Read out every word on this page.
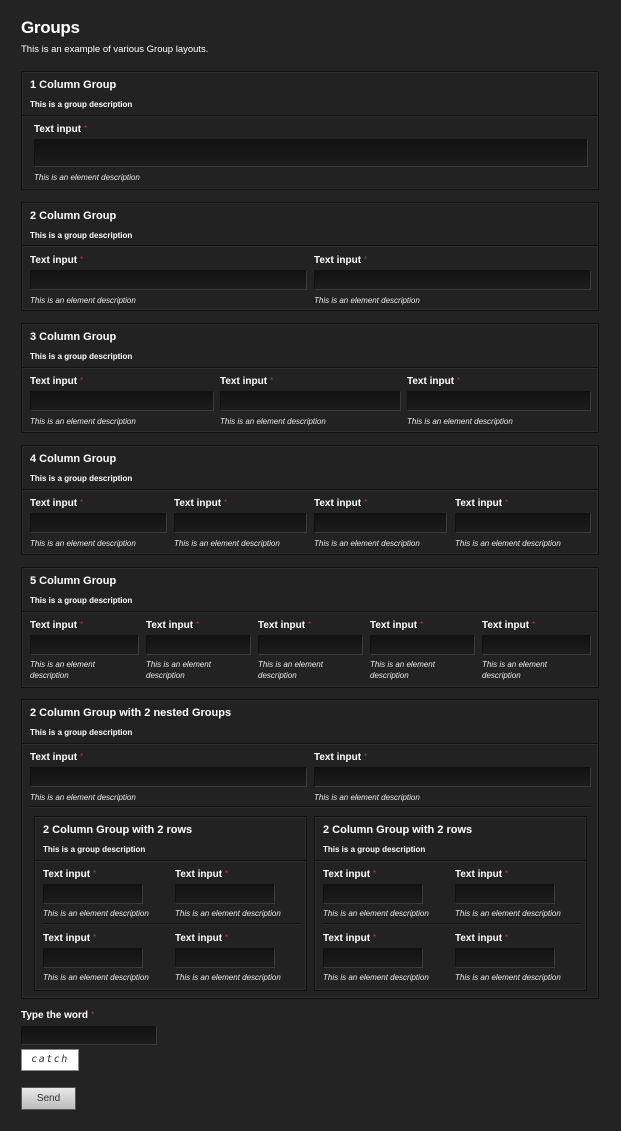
Groups
This is an example of various Group layouts.
1 Column Group
This is a group description
Text input *
This is an element description
2 Column Group
This is a group description
Text input *
This is an element description
Text input *
This is an element description
3 Column Group
This is a group description
Text input *
This is an element description
Text input *
This is an element description
Text input *
This is an element description
4 Column Group
This is a group description
Text input *
This is an element description
Text input *
This is an element description
Text input *
This is an element description
Text input *
This is an element description
5 Column Group
This is a group description
Text input *
This is an element description
Text input *
This is an element description
Text input *
This is an element description
Text input *
This is an element description
Text input *
This is an element description
2 Column Group with 2 nested Groups
This is a group description
Text input *
This is an element description
Text input *
This is an element description
2 Column Group with 2 rows
This is a group description
Text input *
This is an element description
Text input *
This is an element description
Text input *
This is an element description
Text input *
This is an element description
2 Column Group with 2 rows
This is a group description
Text input *
This is an element description
Text input *
This is an element description
Text input *
This is an element description
Text input *
This is an element description
Type the word *
catch
Send
